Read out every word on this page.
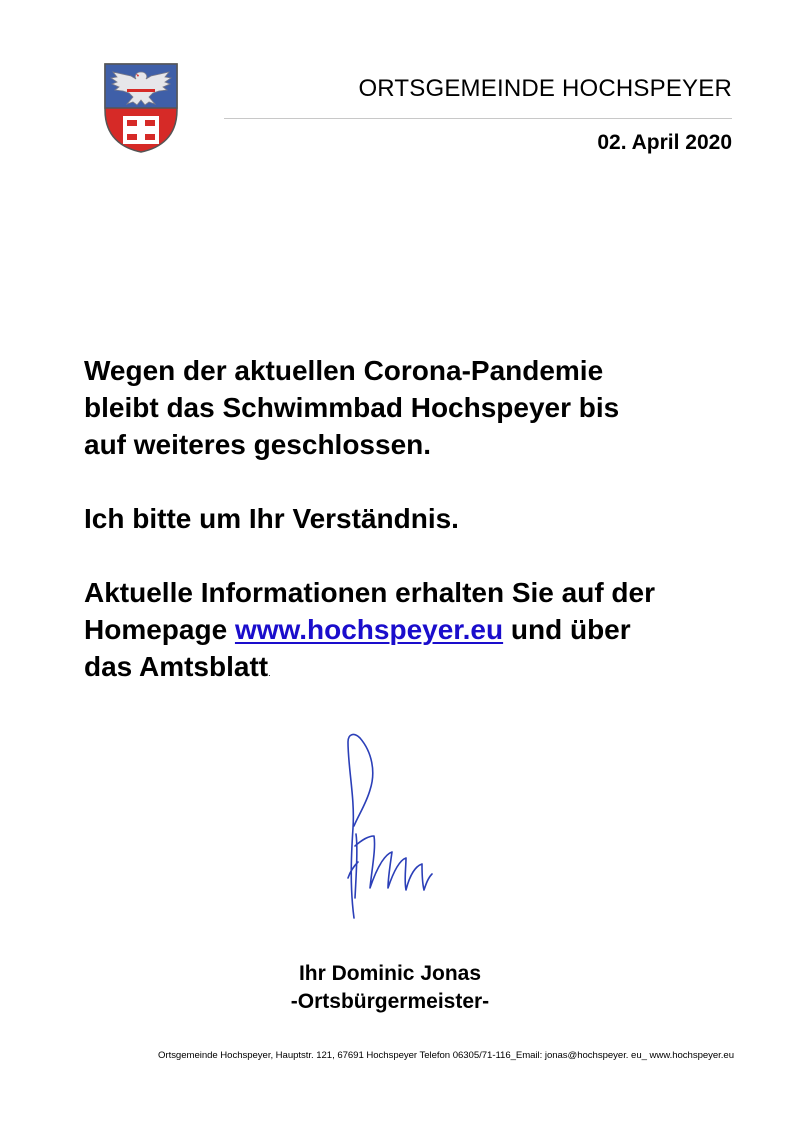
ORTSGEMEINDE HOCHSPEYER
02. April 2020

Wegen der aktuellen Corona-Pandemie
bleibt das Schwimmbad Hochspeyer bis
auf weiteres geschlossen.

Ich bitte um Ihr Verständnis.

Aktuelle Informationen erhalten Sie auf der
Homepage www.hochspeyer.eu und über
das Amtsblatt.

Ihr Dominic Jonas
-Ortsbürgermeister-
Ortsgemeinde Hochspeyer, Hauptstr. 121, 67691 Hochspeyer Telefon 06305/71-116_Email: jonas@hochspeyer. eu_ www.hochspeyer.eu
